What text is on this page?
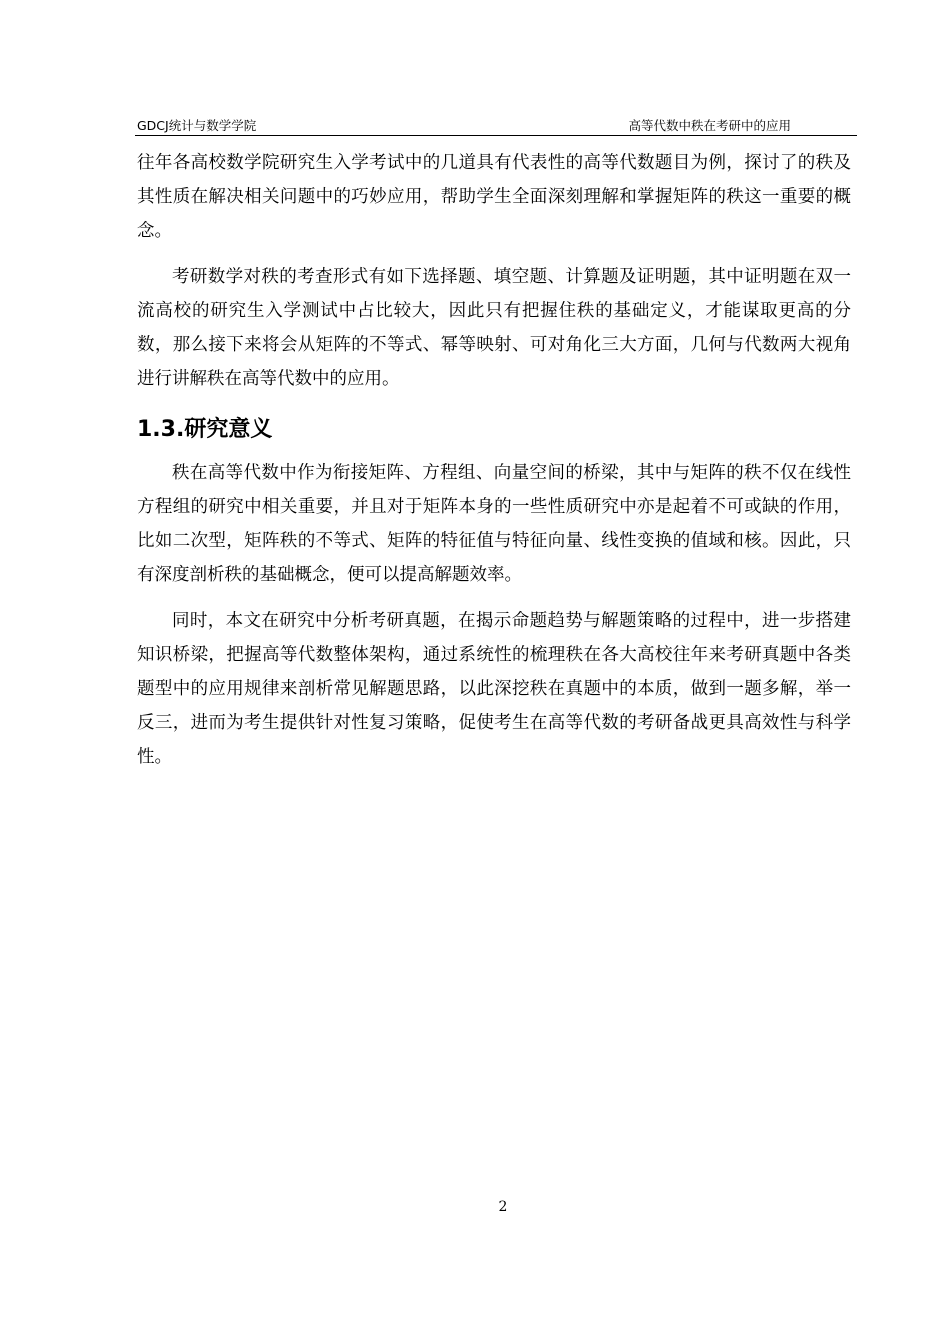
GDCJ统计与数学学院	高等代数中秩在考研中的应用

往年各高校数学院研究生入学考试中的几道具有代表性的高等代数题目为例，探讨了的秩及其性质在解决相关问题中的巧妙应用，帮助学生全面深刻理解和掌握矩阵的秩这一重要的概念。

考研数学对秩的考查形式有如下选择题、填空题、计算题及证明题，其中证明题在双一流高校的研究生入学测试中占比较大，因此只有把握住秩的基础定义，才能谋取更高的分数，那么接下来将会从矩阵的不等式、幂等映射、可对角化三大方面，几何与代数两大视角进行讲解秩在高等代数中的应用。

1.3.研究意义

秩在高等代数中作为衔接矩阵、方程组、向量空间的桥梁，其中与矩阵的秩不仅在线性方程组的研究中相关重要，并且对于矩阵本身的一些性质研究中亦是起着不可或缺的作用，比如二次型，矩阵秩的不等式、矩阵的特征值与特征向量、线性变换的值域和核。因此，只有深度剖析秩的基础概念，便可以提高解题效率。

同时，本文在研究中分析考研真题，在揭示命题趋势与解题策略的过程中，进一步搭建知识桥梁，把握高等代数整体架构，通过系统性的梳理秩在各大高校往年来考研真题中各类题型中的应用规律来剖析常见解题思路，以此深挖秩在真题中的本质，做到一题多解，举一反三，进而为考生提供针对性复习策略，促使考生在高等代数的考研备战更具高效性与科学性。

2
